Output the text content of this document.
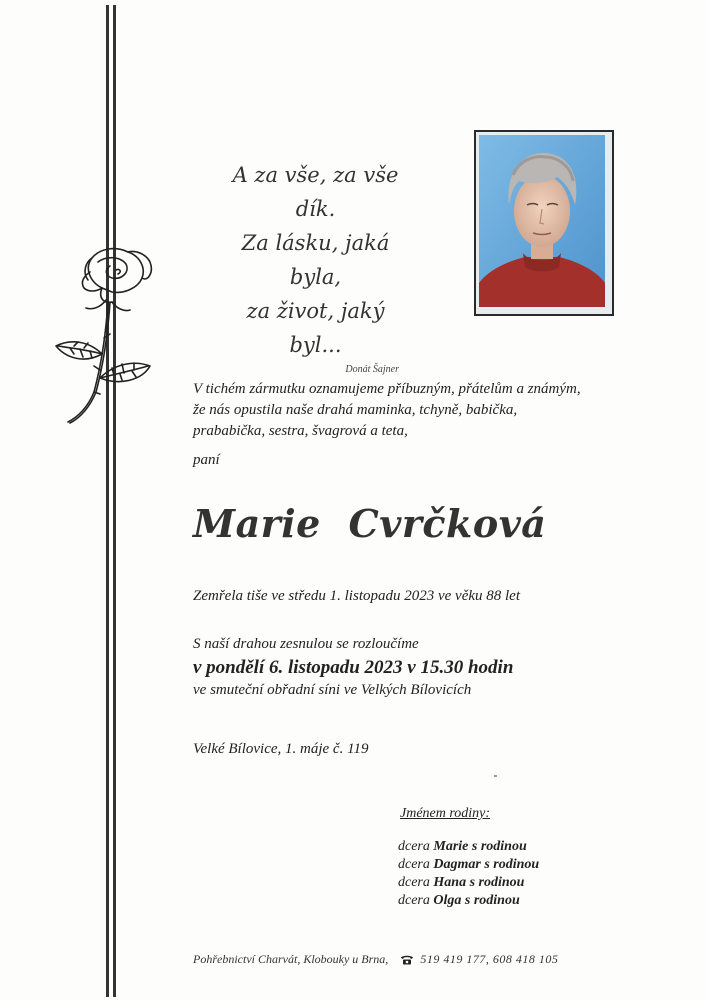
A za vše, za vše dík.
Za lásku, jaká byla,
za život, jaký byl...
Donát Šajner
V tichém zármutku oznamujeme příbuzným, přátelům a známým,
že nás opustila naše drahá maminka, tchyně, babička,
prababička, sestra, švagrová a teta,
paní
Marie Cvrčková
Zemřela tiše ve středu 1. listopadu 2023 ve věku 88 let
S naší drahou zesnulou se rozloučíme
v pondělí 6. listopadu 2023 v 15.30 hodin
ve smuteční obřadní síni ve Velkých Bílovicích
Velké Bílovice, 1. máje č. 119
Jménem rodiny:
dcera Marie s rodinou
dcera Dagmar s rodinou
dcera Hana s rodinou
dcera Olga s rodinou
Pohřebnictví Charvát, Klobouky u Brna,	519 419 177, 608 418 105
